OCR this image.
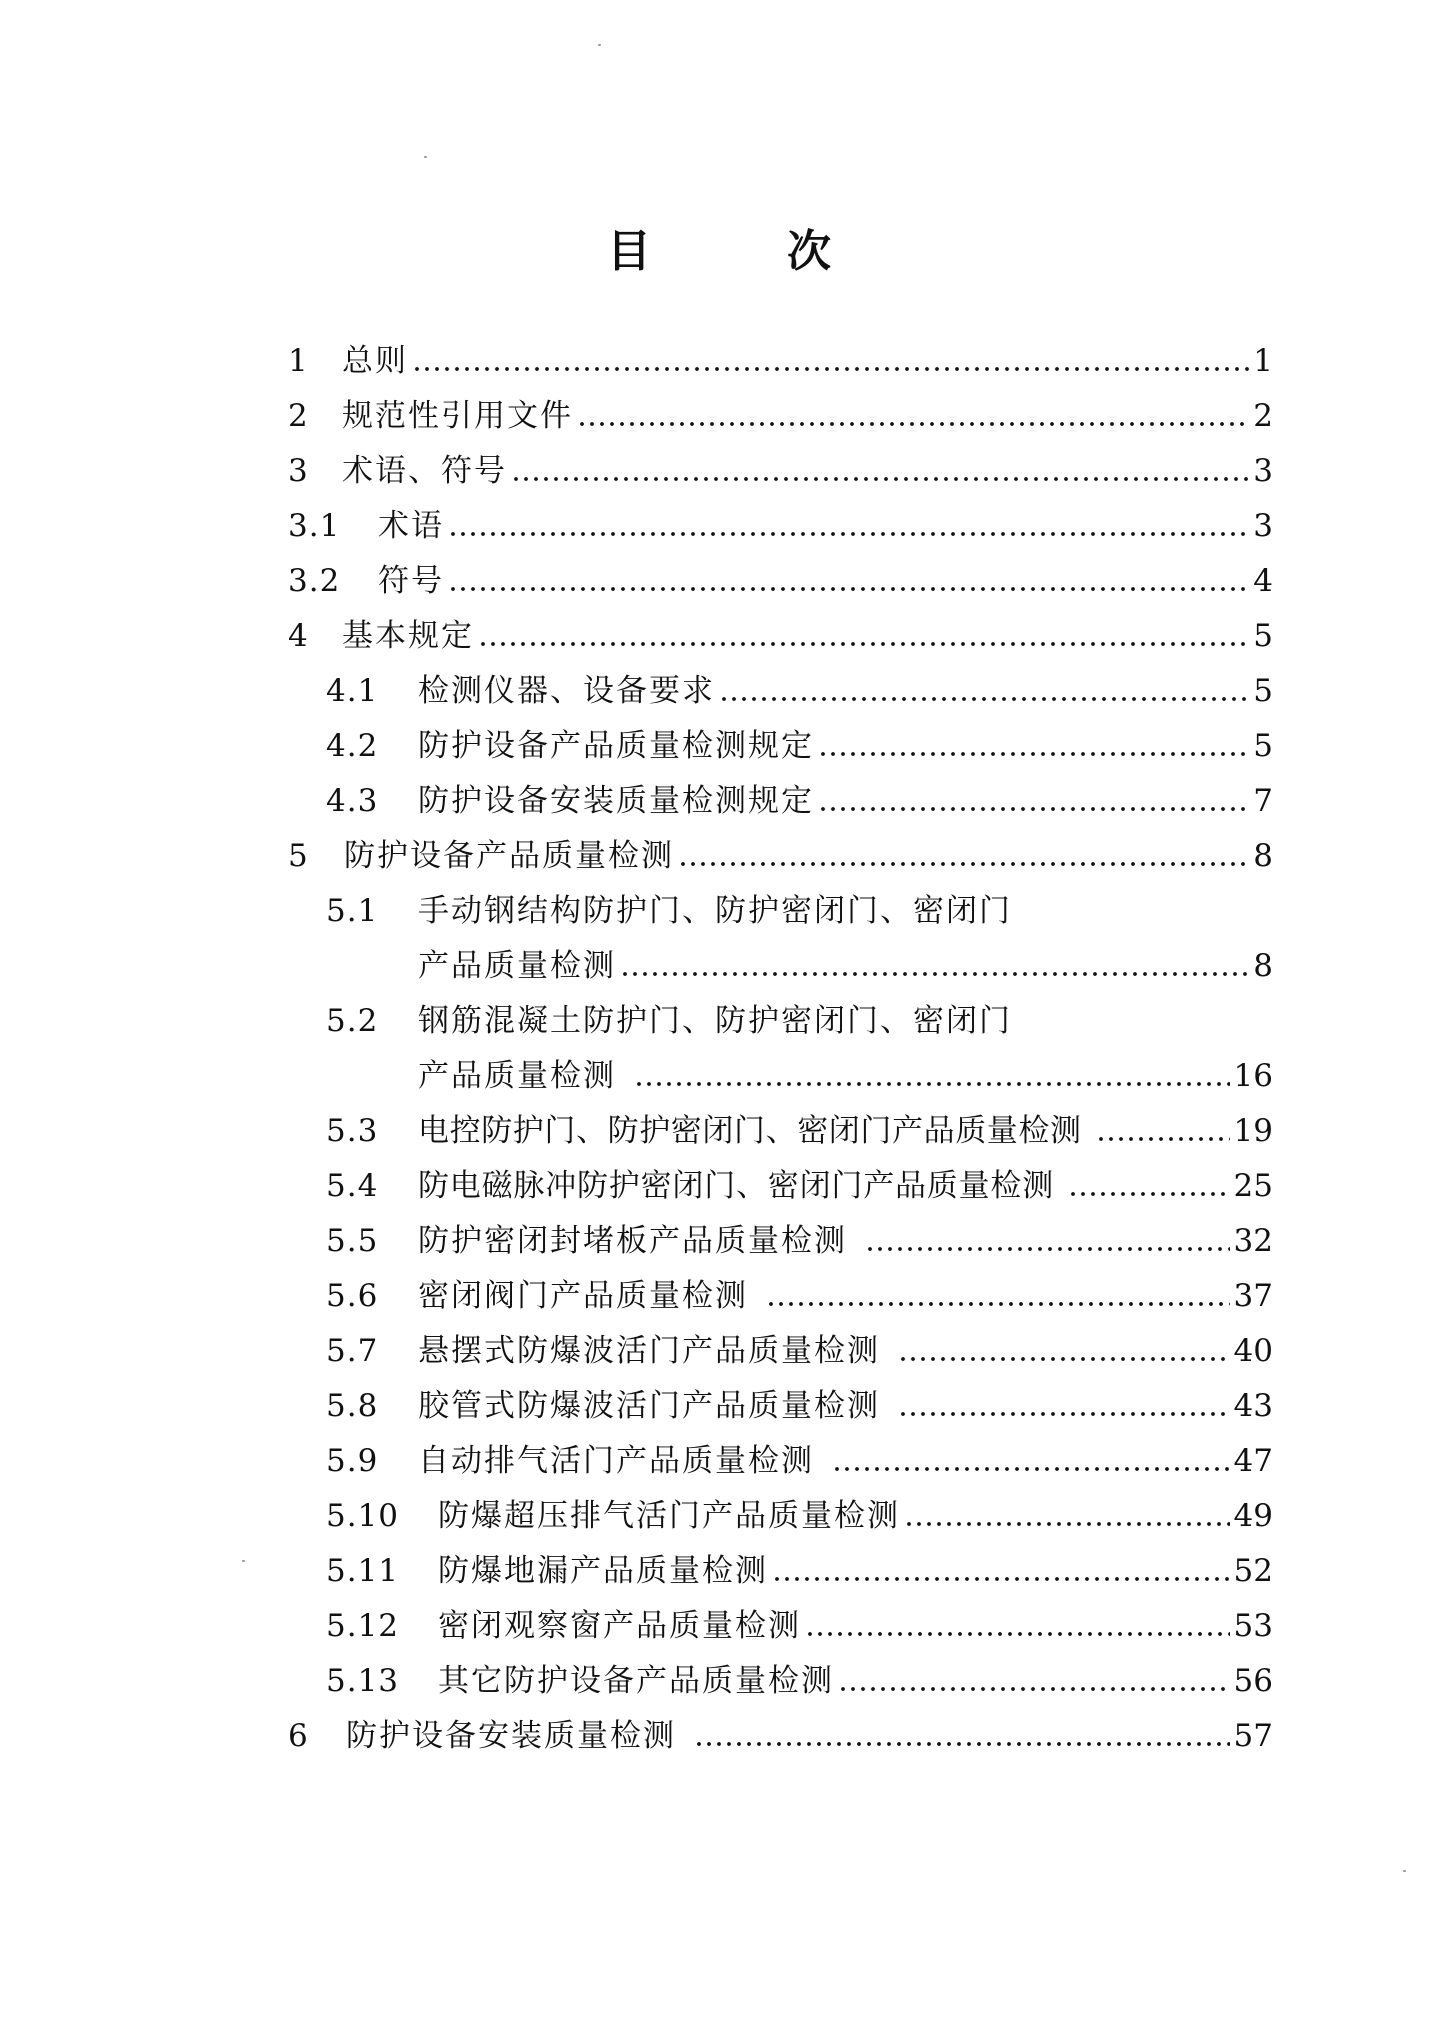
目　次
1	总则	1
2	规范性引用文件	2
3	术语、符号	3
3.1	术语	3
3.2	符号	4
4	基本规定	5
4.1	检测仪器、设备要求	5
4.2	防护设备产品质量检测规定	5
4.3	防护设备安装质量检测规定	7
5	防护设备产品质量检测	8
5.1	手动钢结构防护门、防护密闭门、密闭门
产品质量检测	8
5.2	钢筋混凝土防护门、防护密闭门、密闭门
产品质量检测	16
5.3	电控防护门、防护密闭门、密闭门产品质量检测	19
5.4	防电磁脉冲防护密闭门、密闭门产品质量检测	25
5.5	防护密闭封堵板产品质量检测	32
5.6	密闭阀门产品质量检测	37
5.7	悬摆式防爆波活门产品质量检测	40
5.8	胶管式防爆波活门产品质量检测	43
5.9	自动排气活门产品质量检测	47
5.10	防爆超压排气活门产品质量检测	49
5.11	防爆地漏产品质量检测	52
5.12	密闭观察窗产品质量检测	53
5.13	其它防护设备产品质量检测	56
6	防护设备安装质量检测	57
